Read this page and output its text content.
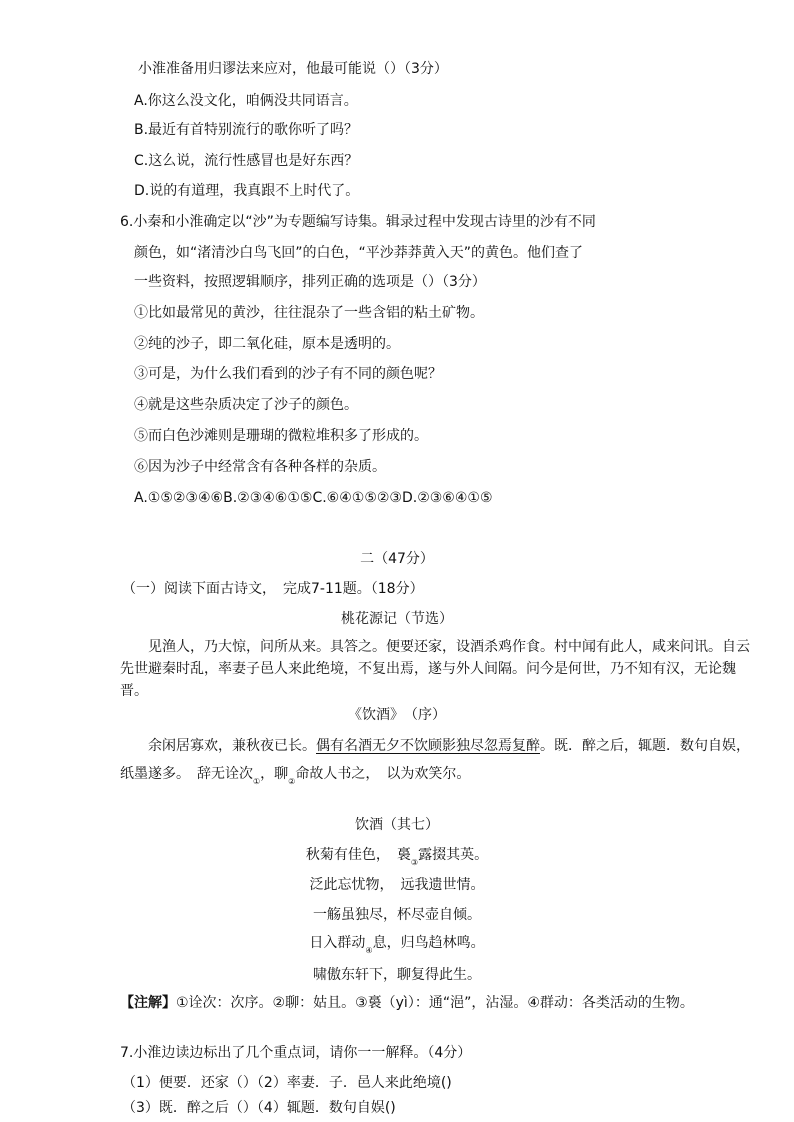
小淮准备用归谬法来应对，他最可能说（）（3分）
A.你这么没文化，咱俩没共同语言。
B.最近有首特别流行的歌你听了吗？
C.这么说，流行性感冒也是好东西？
D.说的有道理，我真跟不上时代了。
6.小秦和小淮确定以“沙”为专题编写诗集。辑录过程中发现古诗里的沙有不同
颜色，如“渚清沙白鸟飞回”的白色，“平沙莽莽黄入天”的黄色。他们查了
一些资料，按照逻辑顺序，排列正确的选项是（）（3分）
①比如最常见的黄沙，往往混杂了一些含铝的粘土矿物。
②纯的沙子，即二氧化硅，原本是透明的。
③可是，为什么我们看到的沙子有不同的颜色呢？
④就是这些杂质决定了沙子的颜色。
⑤而白色沙滩则是珊瑚的微粒堆积多了形成的。
⑥因为沙子中经常含有各种各样的杂质。
A.①⑤②③④⑥B.②③④⑥①⑤C.⑥④①⑤②③D.②③⑥④①⑤
二（47分）
（一）阅读下面古诗文，　完成7-11题。（18分）
桃花源记（节选）
见渔人，乃大惊，问所从来。具答之。便要还家，设酒杀鸡作食。村中闻有此人，咸来问讯。自云先世避秦时乱，率妻子邑人来此绝境，不复出焉，遂与外人间隔。问今是何世，乃不知有汉，无论魏晋。
《饮酒》　（序）
余闲居寡欢，兼秋夜已长。偶有名酒无夕不饮顾影独尽忽焉复醉。既．醉之后，辄题．数句自娱，纸墨遂多。　辞无诠次$_①$，聊$_②$命故人书之，　以为欢笑尔。
饮酒（其七）
秋菊有佳色，　裛$_③$露掇其英。
泛此忘忧物，　远我遗世情。
一觞虽独尽，杯尽壶自倾。
日入群动$_④$息，归鸟趋林鸣。
啸傲东轩下，聊复得此生。
【注解】①诠次：次序。②聊：姑且。③裛（yì）：通“浥”，沾湿。④群动：各类活动的生物。
7.小淮边读边标出了几个重点词，请你一一解释。（4分）
（1）便要．还家（）（2）率妻．子．邑人来此绝境()
（3）既．醉之后（）（4）辄题．数句自娱()
